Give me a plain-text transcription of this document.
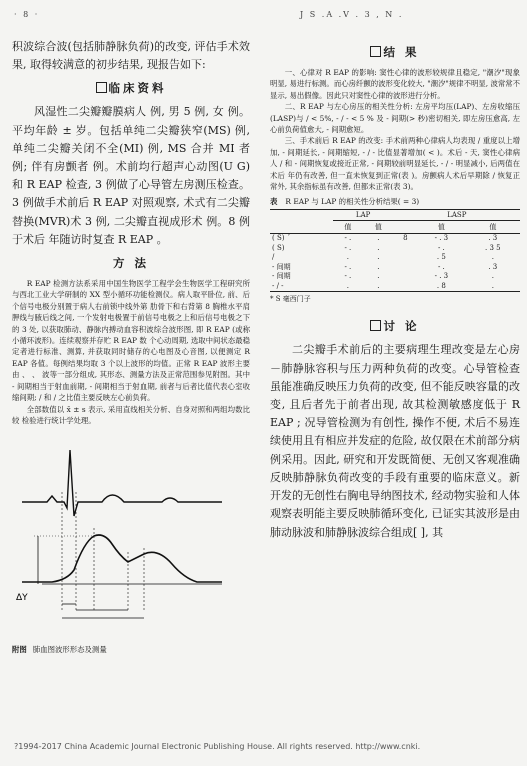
· 8 ·	J S .A .V . 3 , N .

积波综合波(包括肺静脉负荷)的改变, 评估手术效果, 取得较满意的初步结果, 现报告如下:

临床资料

风湿性二尖瓣瓣膜病人 例, 男 5 例, 女 例。平均年龄 ± 岁。包括单纯二尖瓣狭窄(MS) 例, 单纯二尖瓣关闭不全(MI) 例, MS 合并 MI 者 例; 伴有房颤者 例。术前均行超声心动图(U G)和 R EAP 检查, 3 例做了心导管左房测压检查。3 例做手术前后 R EAP 对照观察, 术式有二尖瓣替换(MVR)术 3 例, 二尖瓣直视成形术 例。8 例于术后 年随访时复查 R EAP 。

方 法

R EAP 检测方法系采用中国生物医学工程学会生物医学工程研究所与西北工业大学研制的 XX 型小循环功能检测仪。病人取平卧位, 前、后 个信号电极分别置于病人右前锁中线外第 肋骨下和右背第 8 胸椎水平肩胛线与腋后线之间, 一个发射电极置于前信号电极之上和后信号电极之下的 3 处, 以获取肺动、静脉内搏动血容积波综合波形图, 即 R EAP (或称小循环波形)。连续观察并存贮 R EAP 数 个心动周期, 选取中间状态最稳定者进行标准、测算, 并获取同时储存的心电图及心音图, 以便测定 R EAP 各值。每例结果均取 3 个以上波形的均值。正常 R EAP 波形主要由 、 、 波等一部分组成, 其形态、测量方法及正常范围参见附图。其中 - 间期相当于射血前期, - 间期相当于射血期, 前者与后者比值代表心室收缩间期; / 和 / 之比值主要反映左心前负荷。

全部数值以 x̄ ± s 表示, 采用直线相关分析、自身对照和两组均数比较 检验进行统计学处理。

ΔY
附图 肺血图波形形态及测量
结 果

一、心律对 R EAP 的影响: 窦性心律的波形较规律且稳定, "潮汐"现象明显, 易进行标测。而心房纤颤的波形变化较大, "潮汐"规律不明显, 波常常不显示, 易出假像。因此只对窦性心律的波形进行分析。

二、R EAP 与左心房压的相关性分析: 左房平均压(LAP)、左房收缩压(LASP)与 / < 5%, - / - < 5 % 及 - 间期(> 秒)密切相关, 即左房压愈高, 左心前负荷值愈大, - 间期愈短。

三、手术前后 R EAP 的改变: 手术前两种心律病人均表现 / 重度以上增加, - 间期延长, - 间期缩短, - / - 比值显著增加( < )。术后 - 天, 窦性心律病人 / 和 - 间期恢复或接近正常, - 间期较前明显延长, - / - 明显减小, 后两值在术后 年仍有改善, 但一直未恢复到正常(表 )。房颤病人术后早期除 / 恢复正常外, 其余指标虽有改善, 但都未正常(表 3)。

表 R EAP 与 LAP 的相关性分析结果( = 3)
	LAP		LASP		
	值	值		值	值
( S) ´	- .	.	8	- . 3	. 3
( S)	- .	.		- .	. 3 5
/	.	.		. 5	.
- 间期	- .	.		- .	. 3
- 间期	- .	.		- . 3	.
- / -	.	.		. 8	.
* S 毫西门子
讨 论

二尖瓣手术前后的主要病理生理改变是左心房－肺静脉容积与压力两种负荷的改变。心导管检查虽能准确反映压力负荷的改变, 但不能反映容量的改变, 且后者先于前者出现, 故其检测敏感度低于 R EAP ; 况导管检测为有创性, 操作不便, 术后不易连续使用且有相应并发症的危险, 故仅限在术前部分病例采用。因此, 研究和开发既简便、无创又客观准确反映肺静脉负荷改变的手段有重要的临床意义。新开发的无创性右胸电导纳图技术, 经动物实验和人体观察表明能主要反映肺循环变化, 已证实其波形是由肺动脉波和肺静脉波综合组成[ ], 其

?1994-2017 China Academic Journal Electronic Publishing House. All rights reserved. http://www.cnki.
